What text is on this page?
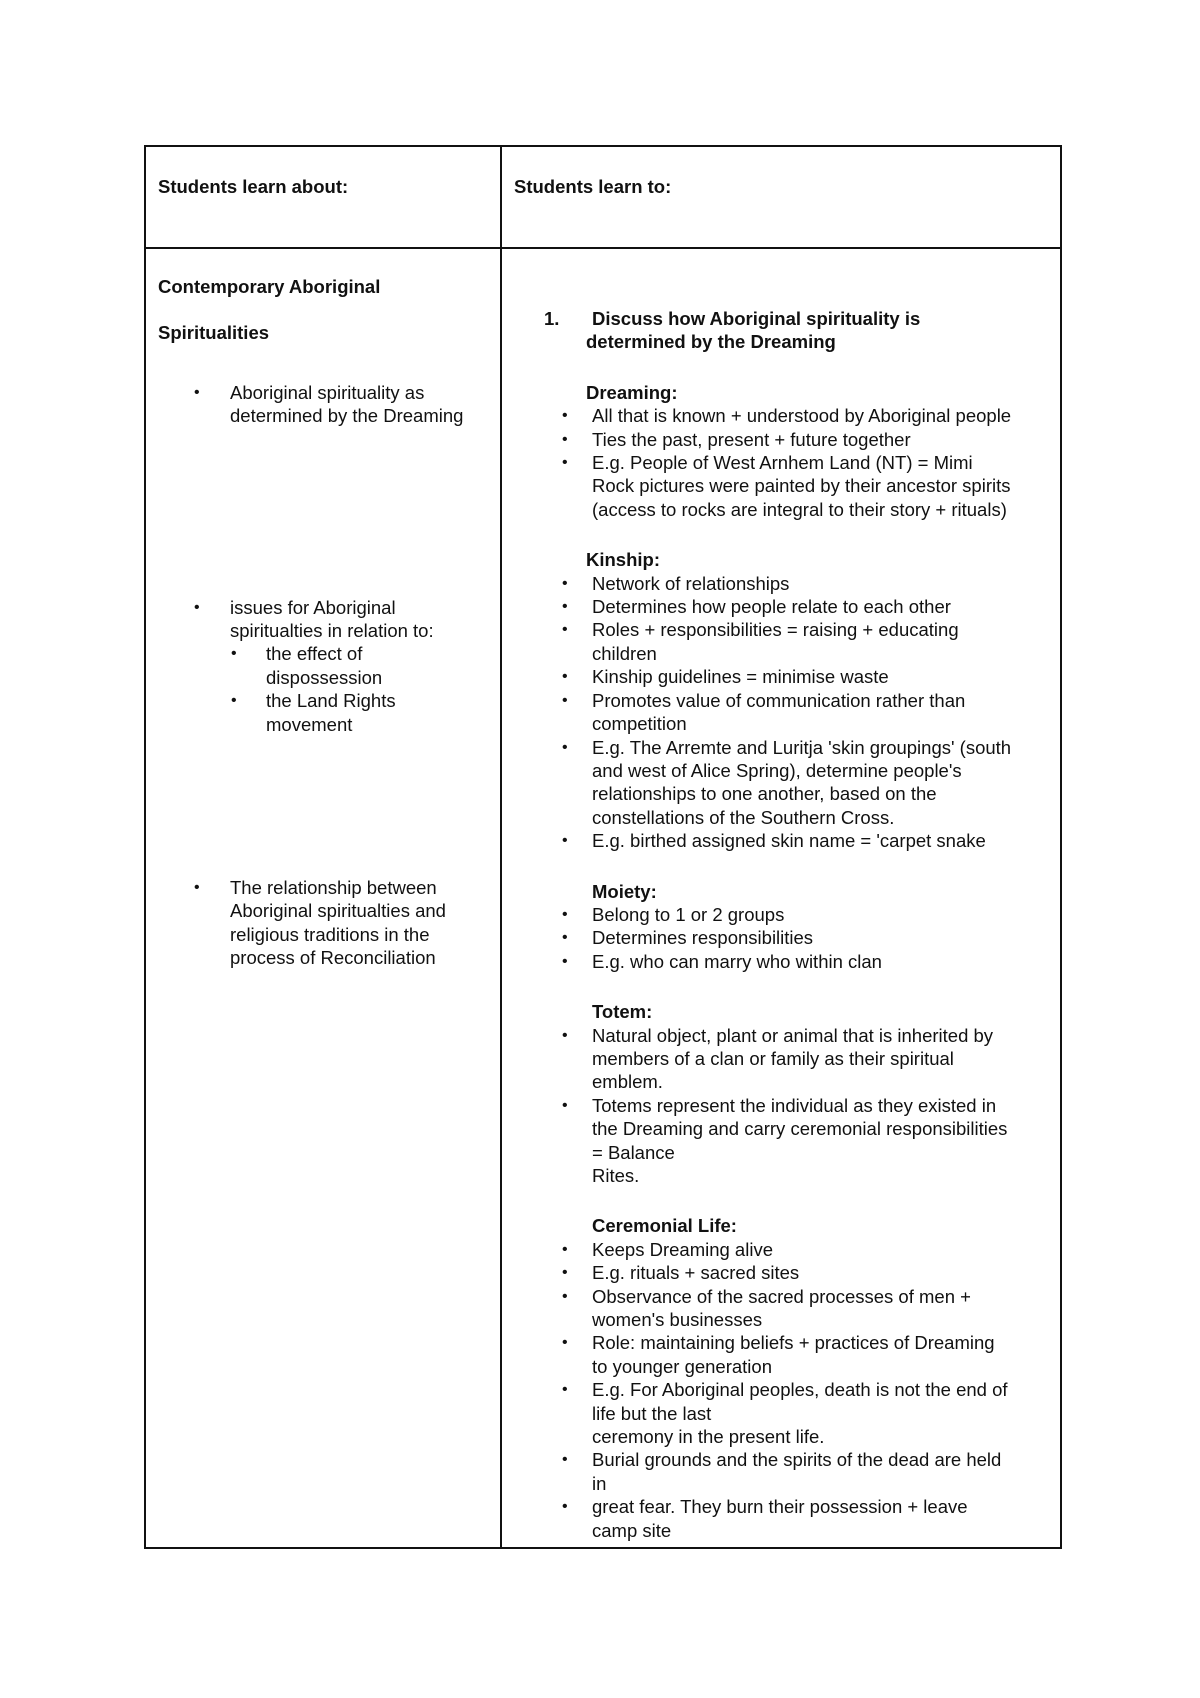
Students learn about:	Students learn to:
Contemporary Aboriginal
Spiritualities
• Aboriginal spirituality as
determined by the Dreaming
• issues for Aboriginal
spiritualties in relation to:
• the effect of
dispossession
• the Land Rights
movement
• The relationship between
Aboriginal spiritualties and
religious traditions in the
process of Reconciliation
1. Discuss how Aboriginal spirituality is
determined by the Dreaming
Dreaming:
• All that is known + understood by Aboriginal people
• Ties the past, present + future together
• E.g. People of West Arnhem Land (NT) = Mimi
Rock pictures were painted by their ancestor spirits
(access to rocks are integral to their story + rituals)
Kinship:
• Network of relationships
• Determines how people relate to each other
• Roles + responsibilities = raising + educating
children
• Kinship guidelines = minimise waste
• Promotes value of communication rather than
competition
• E.g. The Arremte and Luritja 'skin groupings' (south
and west of Alice Spring), determine people's
relationships to one another, based on the
constellations of the Southern Cross.
• E.g. birthed assigned skin name = 'carpet snake
Moiety:
• Belong to 1 or 2 groups
• Determines responsibilities
• E.g. who can marry who within clan
Totem:
• Natural object, plant or animal that is inherited by
members of a clan or family as their spiritual
emblem.
• Totems represent the individual as they existed in
the Dreaming and carry ceremonial responsibilities
= Balance
Rites.
Ceremonial Life:
• Keeps Dreaming alive
• E.g. rituals + sacred sites
• Observance of the sacred processes of men +
women's businesses
• Role: maintaining beliefs + practices of Dreaming
to younger generation
• E.g. For Aboriginal peoples, death is not the end of
life but the last
ceremony in the present life.
• Burial grounds and the spirits of the dead are held
in
• great fear. They burn their possession + leave
camp site
